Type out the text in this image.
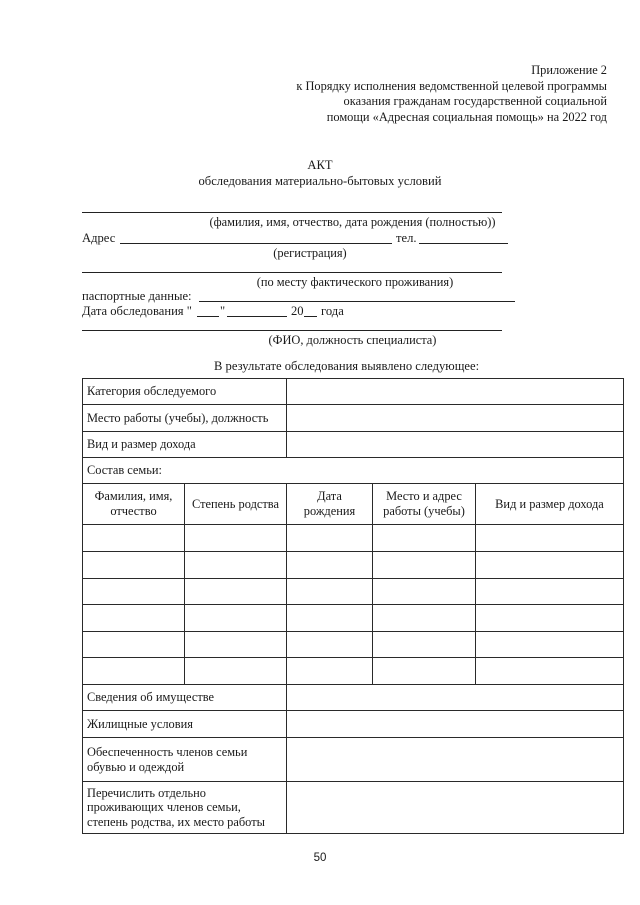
Приложение 2
к Порядку исполнения ведомственной целевой программы
оказания гражданам государственной социальной
помощи «Адресная социальная помощь» на 2022 год
АКТ
обследования материально-бытовых условий
(фамилия, имя, отчество, дата рождения (полностью))
Адрес	тел.
(регистрация)
(по месту фактического проживания)
паспортные данные:
Дата обследования " "	20 года
(ФИО, должность специалиста)
В результате обследования выявлено следующее:
Категория обследуемого				
Место работы (учебы), должность				
Вид и размер дохода				
Состав семьи:				
Фамилия, имя, отчество	Степень родства	Дата рождения	Место и адрес работы (учебы)	Вид и размер дохода

Сведения об имуществе				
Жилищные условия				
Обеспеченность членов семьи обувью и одеждой				
Перечислить отдельно проживающих членов семьи, степень родства, их место работы				
50
